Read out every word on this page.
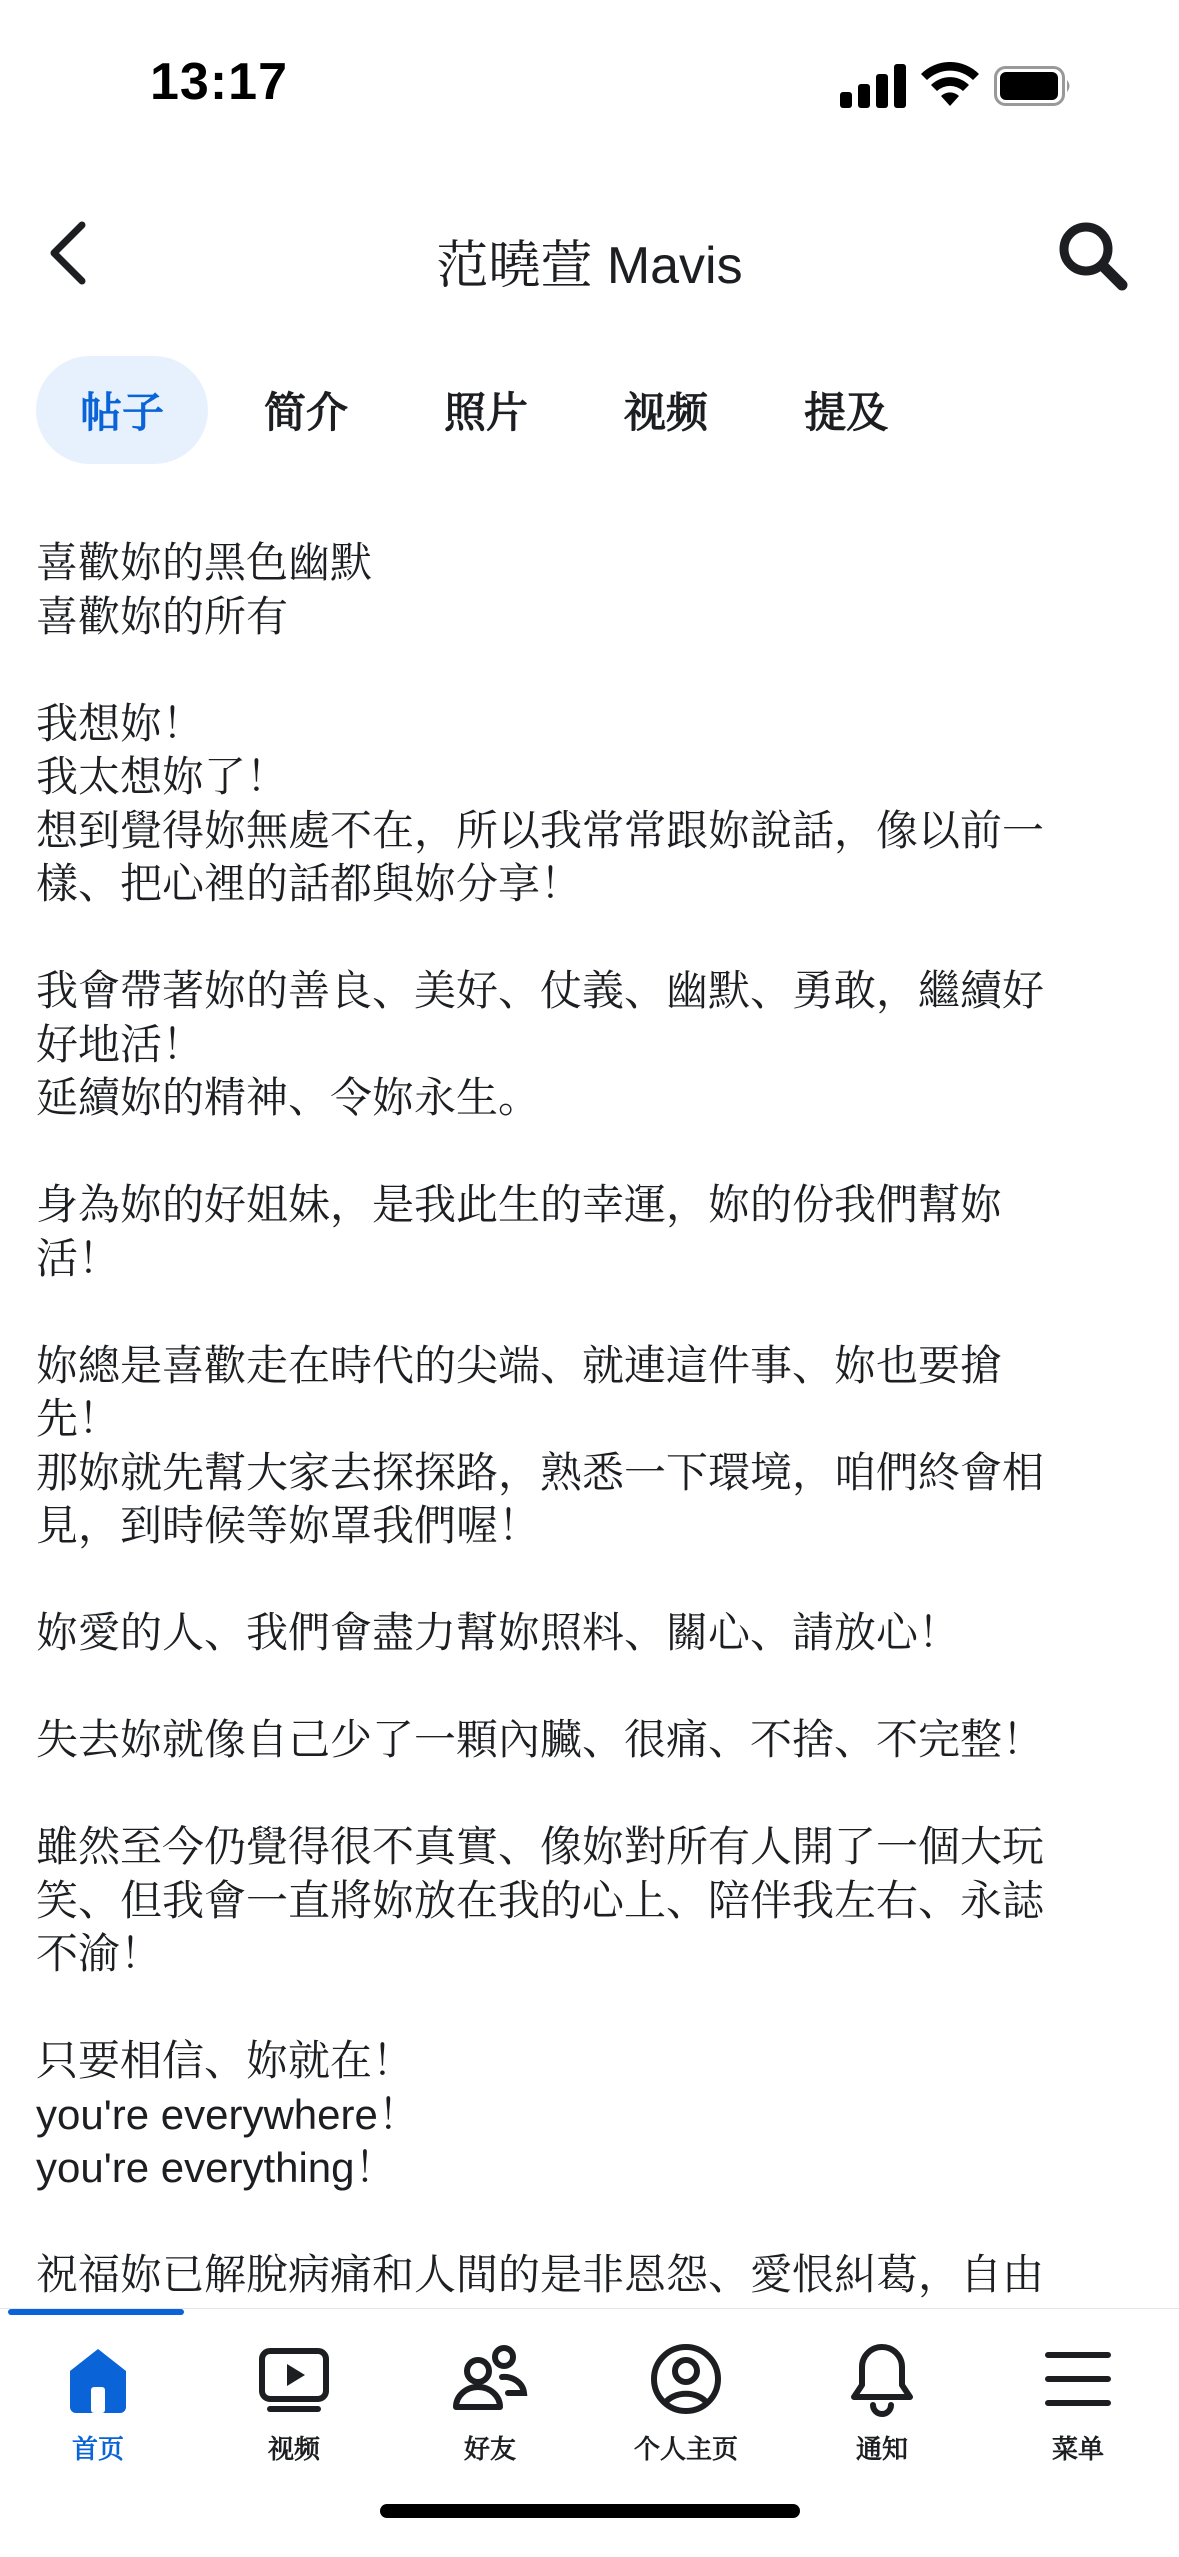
13:17
范曉萱 Mavis
帖子	简介	照片	视频	提及
喜歡妳的黑色幽默
喜歡妳的所有
我想妳！
我太想妳了！
想到覺得妳無處不在，所以我常常跟妳說話，像以前一
樣、把心裡的話都與妳分享！
我會帶著妳的善良、美好、仗義、幽默、勇敢，繼續好
好地活！
延續妳的精神、令妳永生。
身為妳的好姐妹，是我此生的幸運，妳的份我們幫妳
活！
妳總是喜歡走在時代的尖端、就連這件事、妳也要搶
先！
那妳就先幫大家去探探路，熟悉一下環境，咱們終會相
見，到時候等妳罩我們喔！
妳愛的人、我們會盡力幫妳照料、關心、請放心！
失去妳就像自己少了一顆內臟、很痛、不捨、不完整！
雖然至今仍覺得很不真實、像妳對所有人開了一個大玩
笑、但我會一直將妳放在我的心上、陪伴我左右、永誌
不渝！
只要相信、妳就在！
you're everywhere！
you're everything！
祝福妳已解脫病痛和人間的是非恩怨、愛恨糾葛，自由
首页	视频	好友	个人主页	通知	菜单
